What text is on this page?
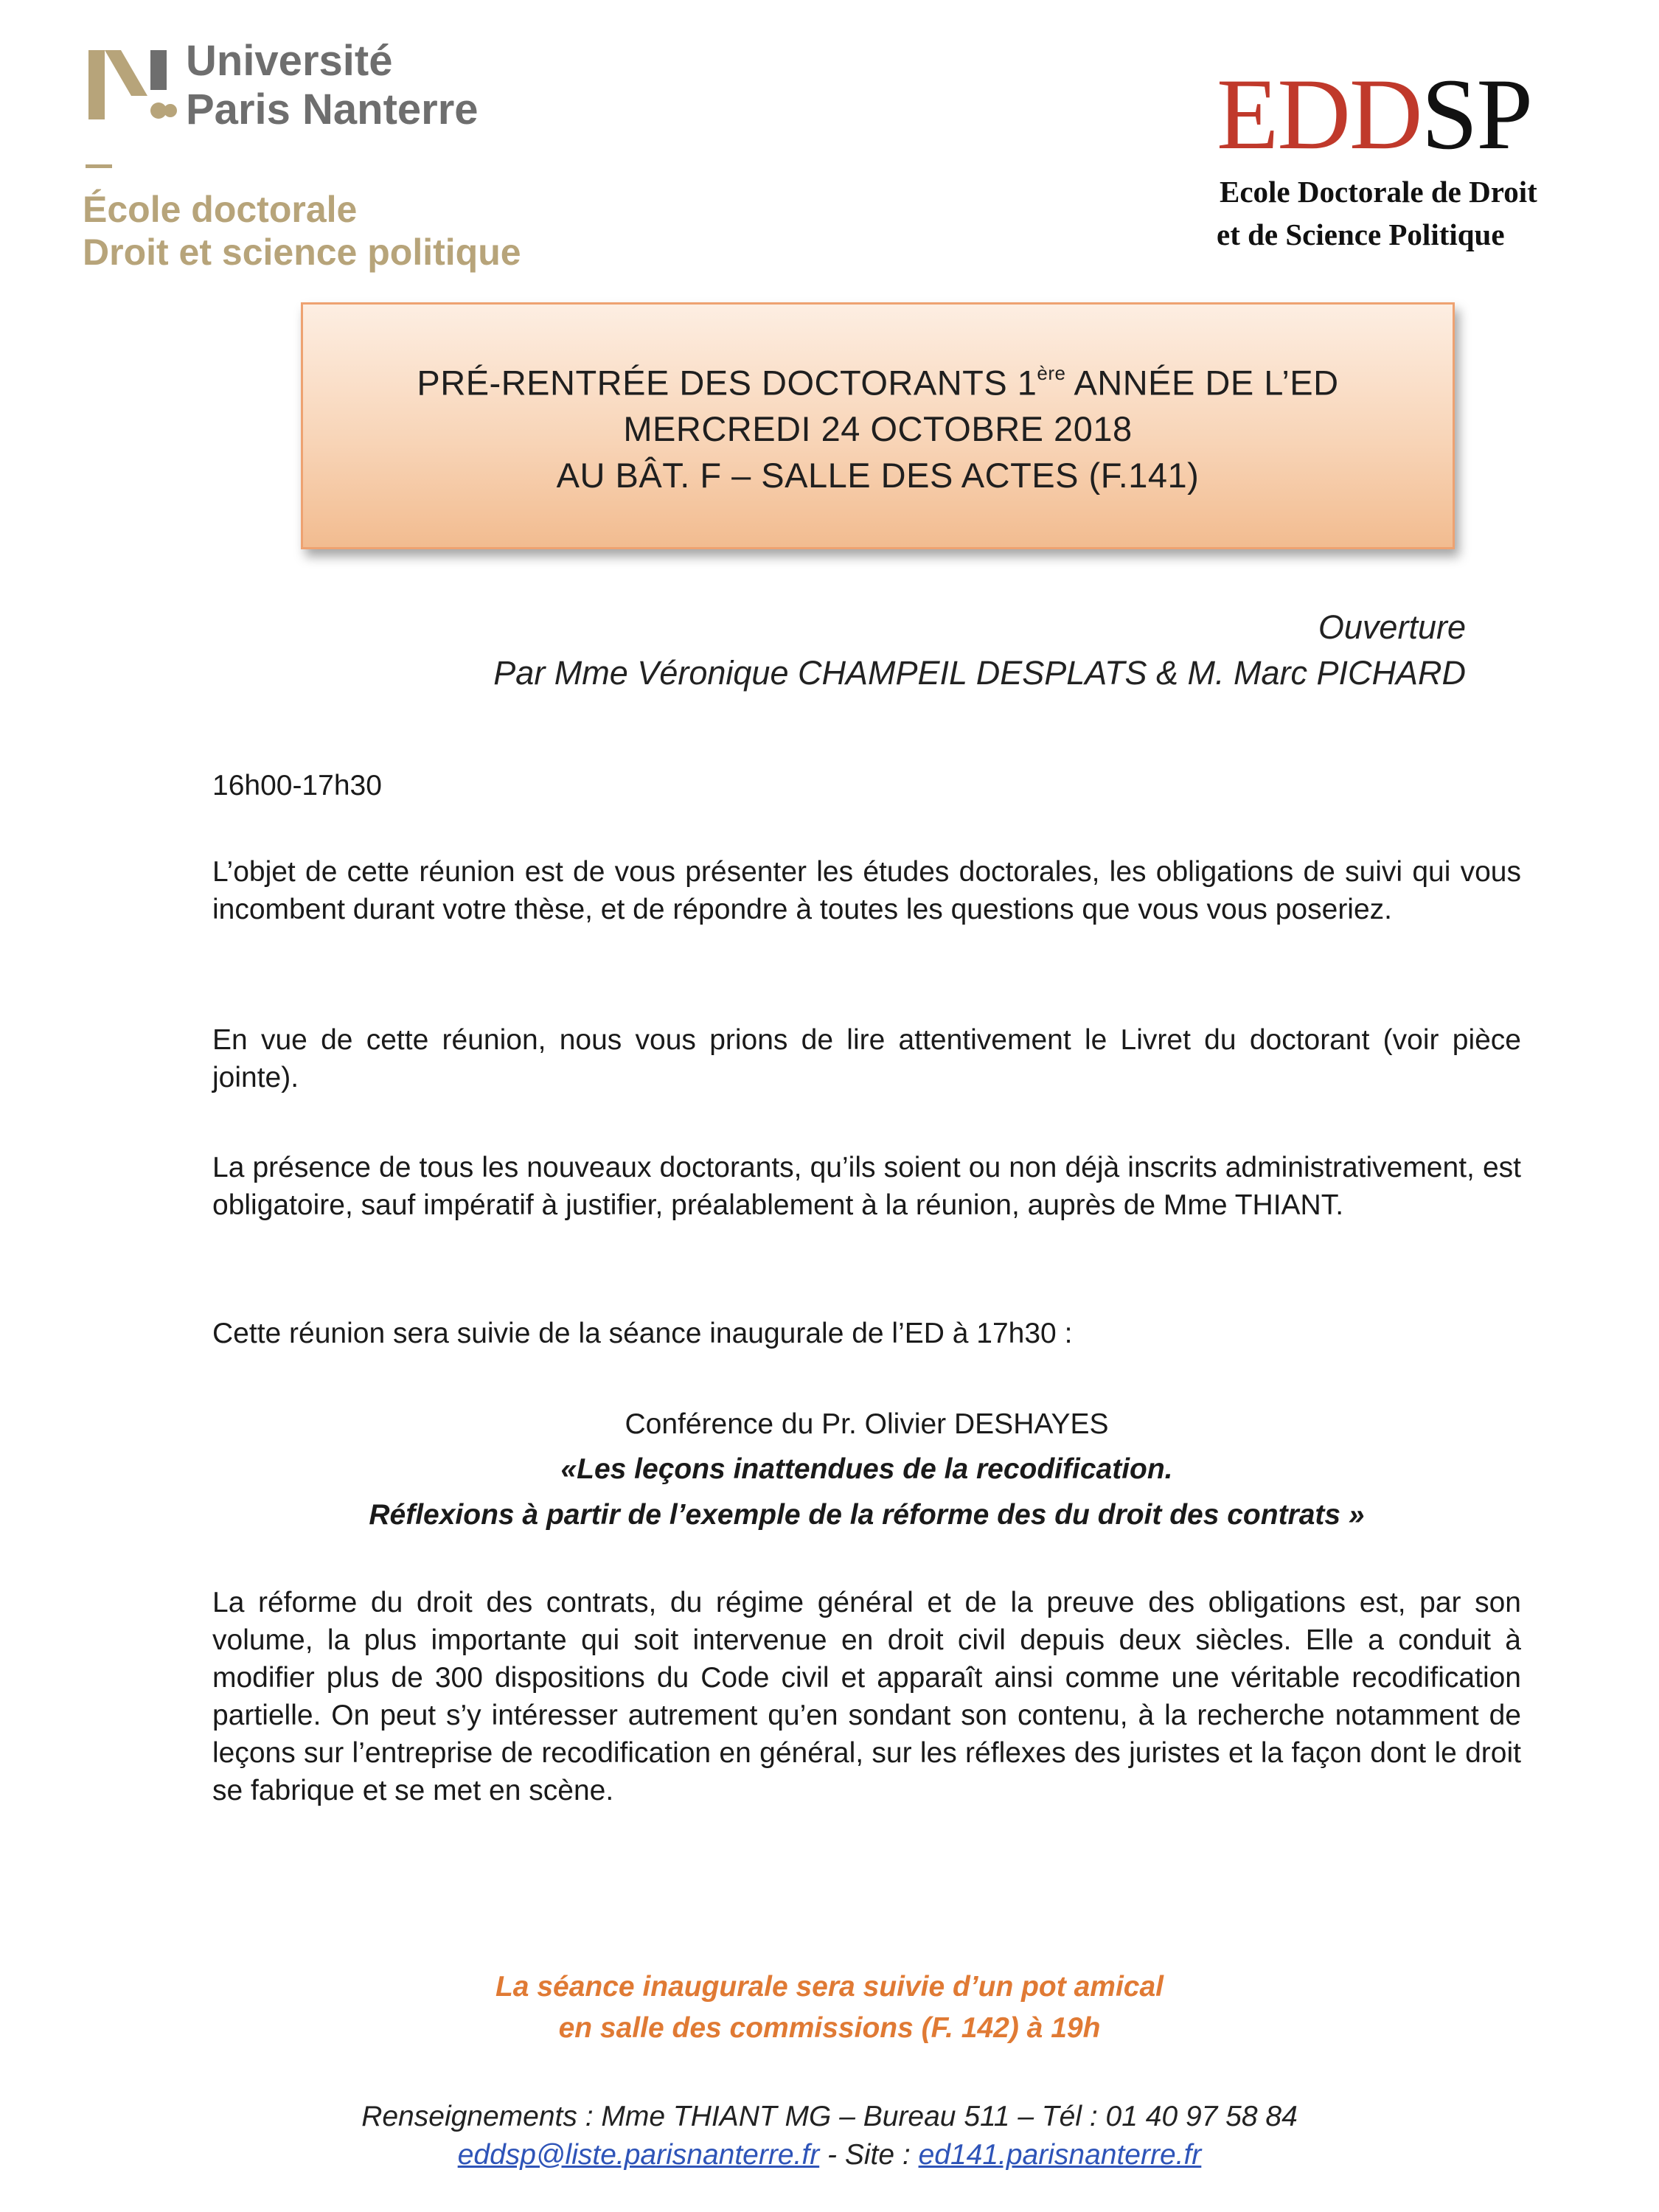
Université
Paris Nanterre
École doctorale
Droit et science politique
EDDSP
Ecole Doctorale de Droit
et de Science Politique
PRÉ-RENTRÉE DES DOCTORANTS 1ère ANNÉE DE L’ED
MERCREDI 24 OCTOBRE 2018
AU BÂT. F – SALLE DES ACTES (F.141)
Ouverture
Par Mme Véronique CHAMPEIL DESPLATS & M. Marc PICHARD
16h00-17h30
L’objet de cette réunion est de vous présenter les études doctorales, les obligations de suivi qui vous incombent durant votre thèse, et de répondre à toutes les questions que vous vous poseriez.
En vue de cette réunion, nous vous prions de lire attentivement le Livret du doctorant (voir pièce jointe).
La présence de tous les nouveaux doctorants, qu’ils soient ou non déjà inscrits administrativement, est obligatoire, sauf impératif à justifier, préalablement à la réunion, auprès de Mme THIANT.
Cette réunion sera suivie de la séance inaugurale de l’ED à 17h30 :
Conférence du Pr. Olivier DESHAYES
«Les leçons inattendues de la recodification.
Réflexions à partir de l’exemple de la réforme des du droit des contrats »
La réforme du droit des contrats, du régime général et de la preuve des obligations est, par son volume, la plus importante qui soit intervenue en droit civil depuis deux siècles. Elle a conduit à modifier plus de 300 dispositions du Code civil et apparaît ainsi comme une véritable recodification partielle. On peut s’y intéresser autrement qu’en sondant son contenu, à la recherche notamment de leçons sur l’entreprise de recodification en général, sur les réflexes des juristes et la façon dont le droit se fabrique et se met en scène.
La séance inaugurale sera suivie d’un pot amical
en salle des commissions (F. 142) à 19h
Renseignements : Mme THIANT MG – Bureau 511 – Tél : 01 40 97 58 84
eddsp@liste.parisnanterre.fr - Site : ed141.parisnanterre.fr
